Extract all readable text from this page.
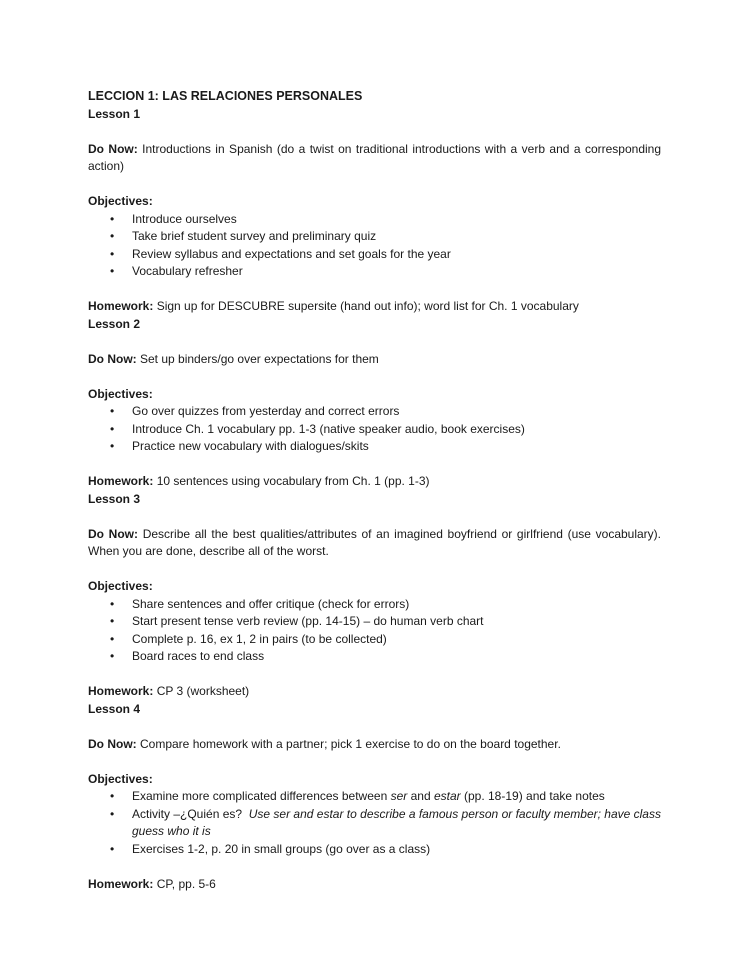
LECCION 1: LAS RELACIONES PERSONALES

Lesson 1

Do Now: Introductions in Spanish (do a twist on traditional introductions with a verb and a corresponding action)

Objectives:

• Introduce ourselves
• Take brief student survey and preliminary quiz
• Review syllabus and expectations and set goals for the year
• Vocabulary refresher

Homework: Sign up for DESCUBRE supersite (hand out info); word list for Ch. 1 vocabulary

Lesson 2

Do Now: Set up binders/go over expectations for them

Objectives:

• Go over quizzes from yesterday and correct errors
• Introduce Ch. 1 vocabulary pp. 1-3 (native speaker audio, book exercises)
• Practice new vocabulary with dialogues/skits

Homework: 10 sentences using vocabulary from Ch. 1 (pp. 1-3)

Lesson 3

Do Now: Describe all the best qualities/attributes of an imagined boyfriend or girlfriend (use vocabulary). When you are done, describe all of the worst.

Objectives:

• Share sentences and offer critique (check for errors)
• Start present tense verb review (pp. 14-15) – do human verb chart
• Complete p. 16, ex 1, 2 in pairs (to be collected)
• Board races to end class

Homework: CP 3 (worksheet)

Lesson 4

Do Now: Compare homework with a partner; pick 1 exercise to do on the board together.

Objectives:

• Examine more complicated differences between ser and estar (pp. 18-19) and take notes
• Activity –¿Quién es?  Use ser and estar to describe a famous person or faculty member; have class guess who it is
• Exercises 1-2, p. 20 in small groups (go over as a class)

Homework: CP, pp. 5-6
